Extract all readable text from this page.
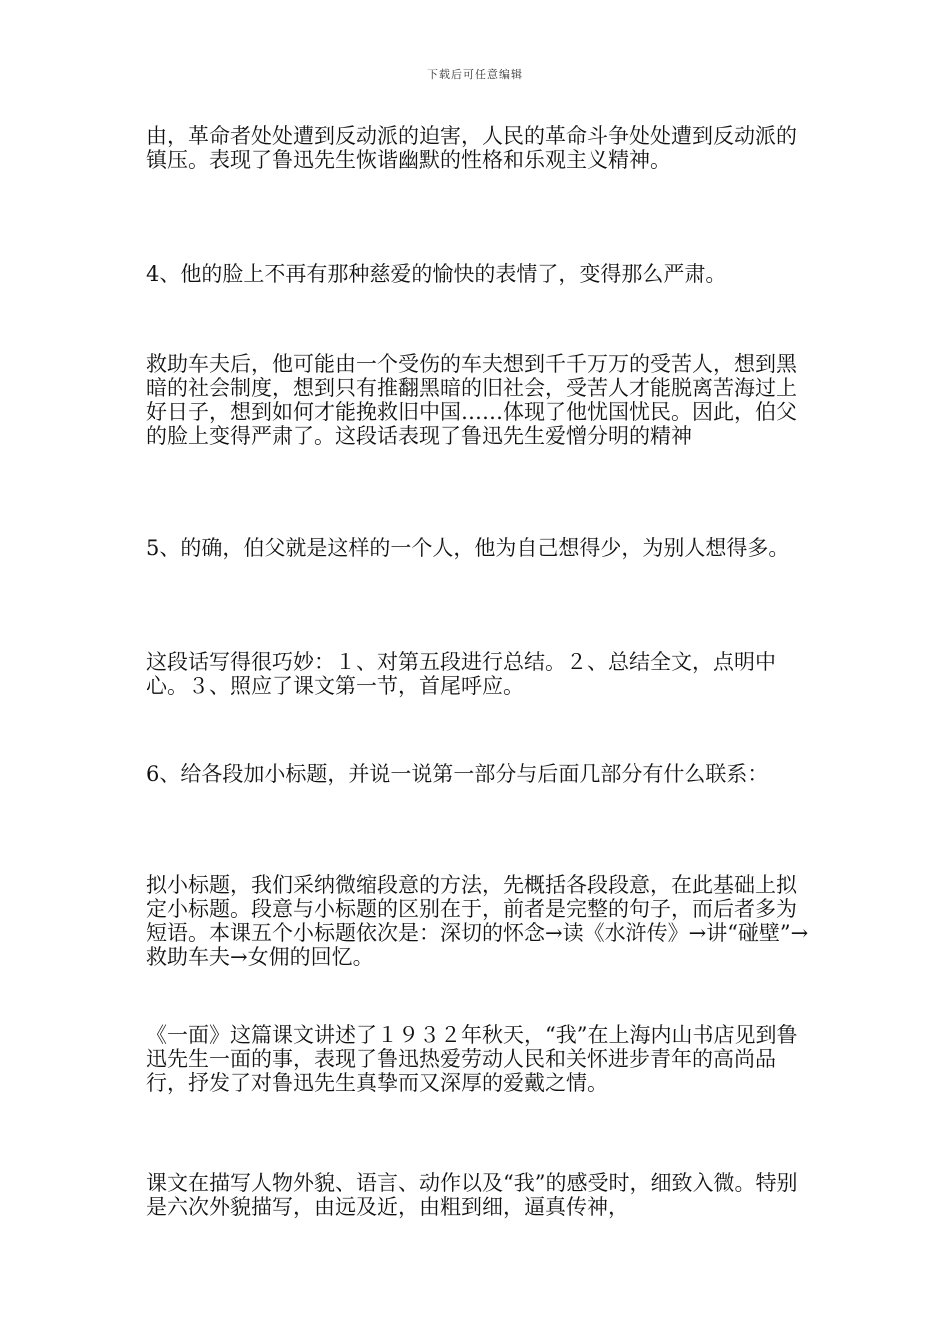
下载后可任意编辑

由，革命者处处遭到反动派的迫害，人民的革命斗争处处遭到反动派的镇压。表现了鲁迅先生恢谐幽默的性格和乐观主义精神。

4、他的脸上不再有那种慈爱的愉快的表情了，变得那么严肃。

救助车夫后，他可能由一个受伤的车夫想到千千万万的受苦人，想到黑暗的社会制度，想到只有推翻黑暗的旧社会，受苦人才能脱离苦海过上好日子，想到如何才能挽救旧中国……体现了他忧国忧民。因此，伯父的脸上变得严肃了。这段话表现了鲁迅先生爱憎分明的精神

5、的确，伯父就是这样的一个人，他为自己想得少，为别人想得多。

这段话写得很巧妙：１、对第五段进行总结。２、总结全文，点明中心。３、照应了课文第一节，首尾呼应。

6、给各段加小标题，并说一说第一部分与后面几部分有什么联系：

拟小标题，我们采纳微缩段意的方法，先概括各段段意，在此基础上拟定小标题。段意与小标题的区别在于，前者是完整的句子，而后者多为短语。本课五个小标题依次是：深切的怀念→读《水浒传》→讲“碰壁”→救助车夫→女佣的回忆。

《一面》这篇课文讲述了１９３２年秋天，“我”在上海内山书店见到鲁迅先生一面的事，表现了鲁迅热爱劳动人民和关怀进步青年的高尚品行，抒发了对鲁迅先生真挚而又深厚的爱戴之情。

课文在描写人物外貌、语言、动作以及“我”的感受时，细致入微。特别是六次外貌描写，由远及近，由粗到细，逼真传神，
